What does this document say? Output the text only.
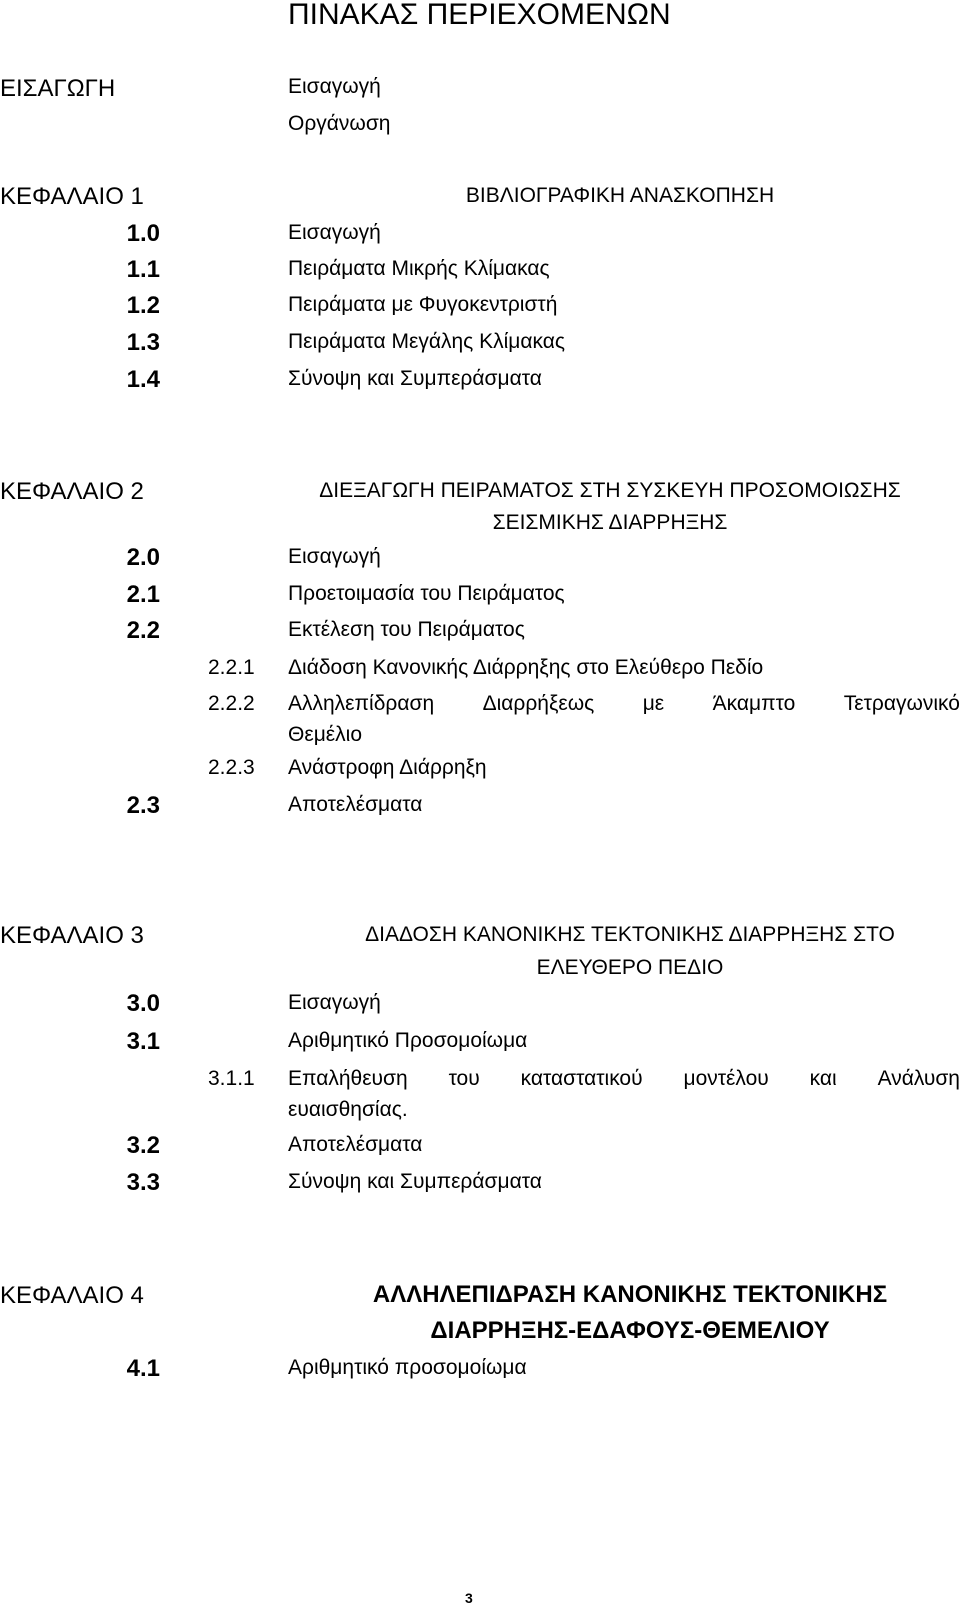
ΠΙΝΑΚΑΣ ΠΕΡΙΕΧΟΜΕΝΩΝ
ΕΙΣΑΓΩΓΗ	Εισαγωγή
Οργάνωση
ΚΕΦΑΛΑΙΟ 1	ΒΙΒΛΙΟΓΡΑΦΙΚΗ ΑΝΑΣΚΟΠΗΣΗ
1.0	Εισαγωγή
1.1	Πειράματα Μικρής Κλίμακας
1.2	Πειράματα με Φυγοκεντριστή
1.3	Πειράματα Μεγάλης Κλίμακας
1.4	Σύνοψη και Συμπεράσματα
ΚΕΦΑΛΑΙΟ 2	ΔΙΕΞΑΓΩΓΗ ΠΕΙΡΑΜΑΤΟΣ ΣΤΗ ΣΥΣΚΕΥΗ ΠΡΟΣΟΜΟΙΩΣΗΣ
ΣΕΙΣΜΙΚΗΣ ΔΙΑΡΡΗΞΗΣ
2.0	Εισαγωγή
2.1	Προετοιμασία του Πειράματος
2.2	Εκτέλεση του Πειράματος
2.2.1 Διάδοση Κανονικής Διάρρηξης στο Ελεύθερο Πεδίο
2.2.2 Αλληλεπίδραση Διαρρήξεως με Άκαμπτο Τετραγωνικό
Θεμέλιο
2.2.3 Ανάστροφη Διάρρηξη
2.3	Αποτελέσματα
ΚΕΦΑΛΑΙΟ 3	ΔΙΑΔΟΣΗ ΚΑΝΟΝΙΚΗΣ ΤΕΚΤΟΝΙΚΗΣ ΔΙΑΡΡΗΞΗΣ ΣΤΟ
ΕΛΕΥΘΕΡΟ ΠΕΔΙΟ
3.0	Εισαγωγή
3.1	Αριθμητικό Προσομοίωμα
3.1.1 Επαλήθευση του καταστατικού μοντέλου και Ανάλυση
ευαισθησίας.
3.2	Αποτελέσματα
3.3	Σύνοψη και Συμπεράσματα
ΚΕΦΑΛΑΙΟ 4	ΑΛΛΗΛΕΠΙΔΡΑΣΗ ΚΑΝΟΝΙΚΗΣ ΤΕΚΤΟΝΙΚΗΣ
ΔΙΑΡΡΗΞΗΣ-ΕΔΑΦΟΥΣ-ΘΕΜΕΛΙΟΥ
4.1	Αριθμητικό προσομοίωμα
3
